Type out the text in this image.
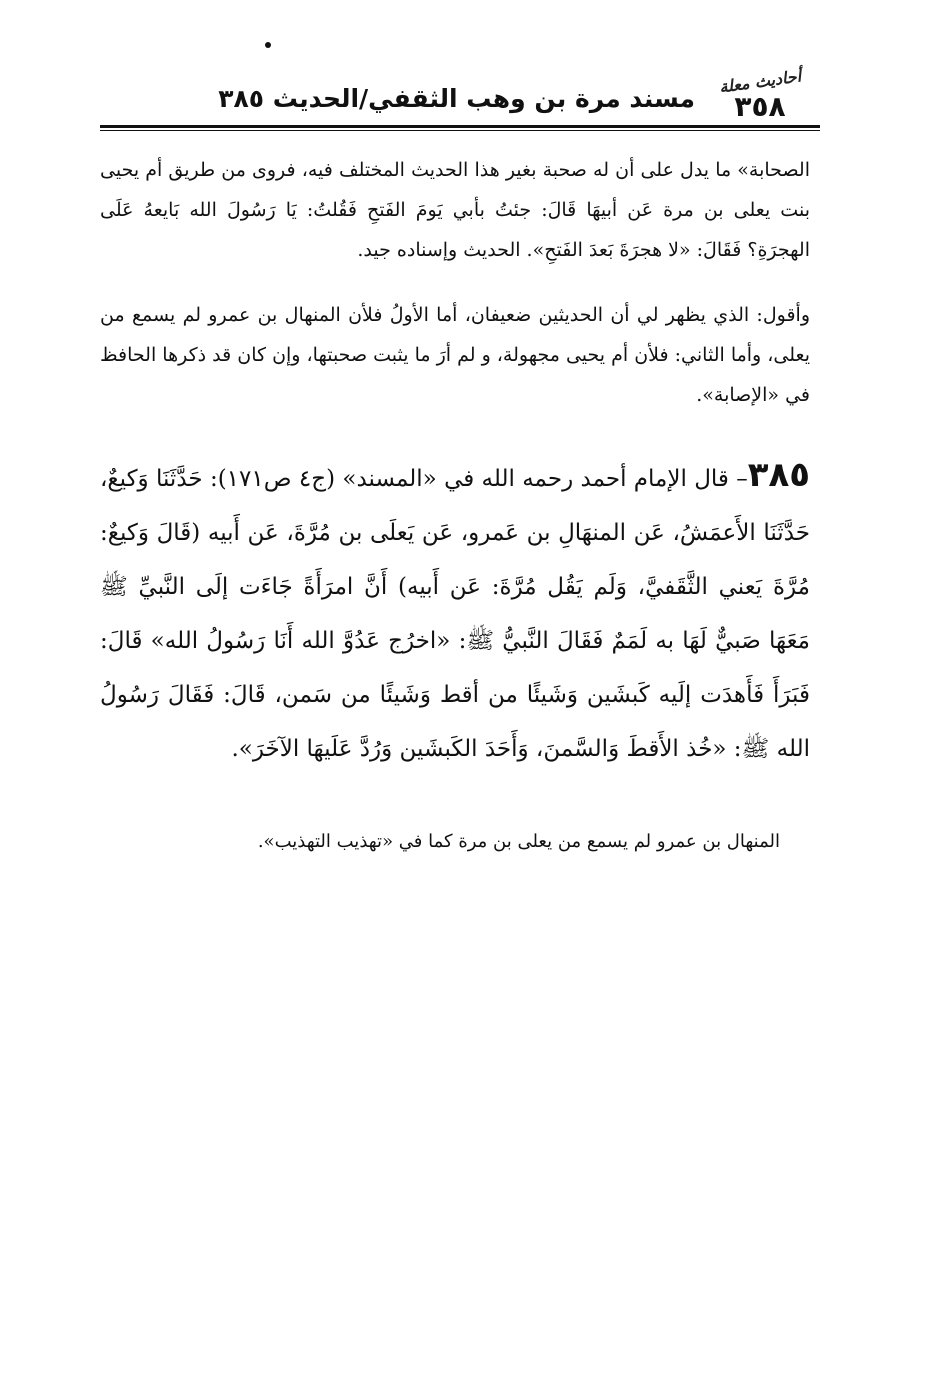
أحاديث معلة
٣٥٨
مسند مرة بن وهب الثقفي/الحديث ٣٨٥

الصحابة» ما يدل على أن له صحبة بغير هذا الحديث المختلف فيه، فروى من طريق أم يحيى بنت يعلى بن مرة عَن أبيهَا قَالَ: جئتُ بأبي يَومَ الفَتحِ فَقُلتُ: يَا رَسُولَ الله بَايعهُ عَلَى الهجرَةِ؟ فَقَالَ: «لا هجرَةَ بَعدَ الفَتحِ». الحديث وإسناده جيد.

وأقول: الذي يظهر لي أن الحديثين ضعيفان، أما الأولُ فلأن المنهال بن عمرو لم يسمع من يعلى، وأما الثاني: فلأن أم يحيى مجهولة، و لم أرَ ما يثبت صحبتها، وإن كان قد ذكرها الحافظ في «الإصابة».

٣٨٥– قال الإمام أحمد رحمه الله في «المسند» (ج٤ ص١٧١): حَدَّثَنَا وَكيعٌ، حَدَّثَنَا الأَعمَشُ، عَن المنهَالِ بن عَمرو، عَن يَعلَى بن مُرَّةَ، عَن أَبيه (قَالَ وَكيعٌ: مُرَّةَ يَعني الثَّقَفيَّ، وَلَم يَقُل مُرَّةَ: عَن أَبيه) أَنَّ امرَأَةً جَاءَت إلَى النَّبيِّ ﷺ مَعَهَا صَبيٌّ لَهَا به لَمَمٌ فَقَالَ النَّبيُّ ﷺ: «اخرُج عَدُوَّ الله أَنَا رَسُولُ الله» قَالَ: فَبَرَأَ فَأَهدَت إلَيه كَبشَين وَشَيئًا من أقط وَشَيئًا من سَمن، قَالَ: فَقَالَ رَسُولُ الله ﷺ: «خُذ الأَقطَ وَالسَّمنَ، وَأَحَدَ الكَبشَين وَرُدَّ عَلَيهَا الآخَرَ».

المنهال بن عمرو لم يسمع من يعلى بن مرة كما في «تهذيب التهذيب».
